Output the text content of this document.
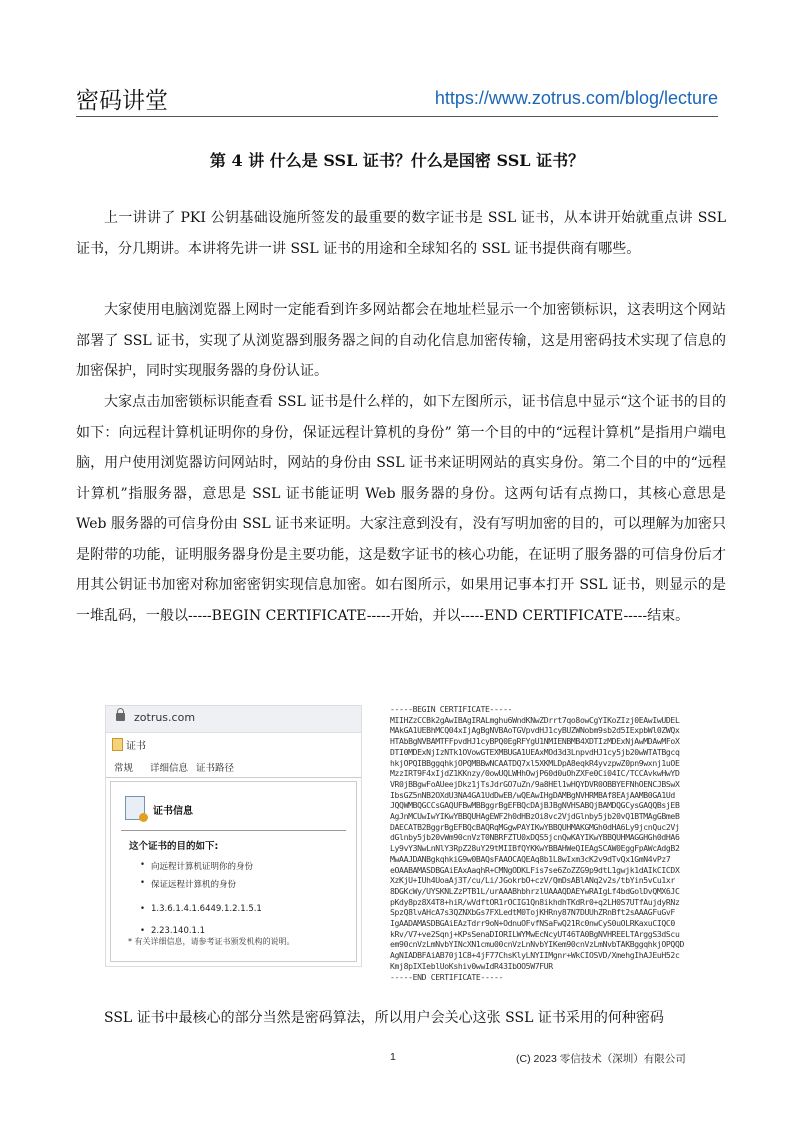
密码讲堂	https://www.zotrus.com/blog/lecture
第 4 讲 什么是 SSL 证书？什么是国密 SSL 证书？

上一讲讲了 PKI 公钥基础设施所签发的最重要的数字证书是 SSL 证书，从本讲开始就重点讲 SSL 证书，分几期讲。本讲将先讲一讲 SSL 证书的用途和全球知名的 SSL 证书提供商有哪些。

大家使用电脑浏览器上网时一定能看到许多网站都会在地址栏显示一个加密锁标识，这表明这个网站部署了 SSL 证书，实现了从浏览器到服务器之间的自动化信息加密传输，这是用密码技术实现了信息的加密保护，同时实现服务器的身份认证。

大家点击加密锁标识能查看 SSL 证书是什么样的，如下左图所示，证书信息中显示“这个证书的目的如下：向远程计算机证明你的身份，保证远程计算机的身份” 第一个目的中的“远程计算机”是指用户端电脑，用户使用浏览器访问网站时，网站的身份由 SSL 证书来证明网站的真实身份。第二个目的中的“远程计算机”指服务器，意思是 SSL 证书能证明 Web 服务器的身份。这两句话有点拗口，其核心意思是 Web 服务器的可信身份由 SSL 证书来证明。大家注意到没有，没有写明加密的目的，可以理解为加密只是附带的功能，证明服务器身份是主要功能，这是数字证书的核心功能，在证明了服务器的可信身份后才用其公钥证书加密对称加密密钥实现信息加密。如右图所示，如果用记事本打开 SSL 证书，则显示的是一堆乱码，一般以-----BEGIN CERTIFICATE-----开始，并以-----END CERTIFICATE-----结束。

zotrus.com
证书
常规 详细信息 证书路径
证书信息
这个证书的目的如下:
• 向远程计算机证明你的身份
• 保证远程计算机的身份
• 1.3.6.1.4.1.6449.1.2.1.5.1
• 2.23.140.1.1
* 有关详细信息，请参考证书颁发机构的说明。
-----BEGIN CERTIFICATE-----
MIIHZzCCBk2gAwIBAgIRALmghu6WndKNwZDrrt7qo8owCgYIKoZIzj0EAwIwUDEL
MAkGA1UEBhMCQ04xIjAgBgNVBAoTGVpvdHJ1cyBUZWNobm9sb2d5IExpbWl0ZWQx
HTAbBgNVBAMTFFpvdHJ1cyBPQ0EgRFYgU1NMIENBMB4XDTIzMDExNjAwMDAwMFoX
DTI0MDExNjIzNTk1OVowGTEXMBUGA1UEAxMOd3d3LnpvdHJ1cy5jb20wWTATBgcq
hkjOPQIBBggqhkjOPQMBBwNCAATDQ7xl5XKMLDpA8eqkR4yvzpwZ0pn9wxnj1uOE
MzzIRT9F4xIjdZ1KKnzy/0owUQLWHhOwjP60d0uOhZXFe0Ci04IC/TCCAvkwHwYD
VR0jBBgwFoAUeejDkz1jTsJdrGO7uZn/9a8HEl1wHQYDVR0OBBYEFNhOENCJBSwX
IbsGZ5nNB2OXdU3NA4GA1UdDwEB/wQEAwIHgDAMBgNVHRMBAf8EAjAAMB0GA1Ud
JQQWMBQGCCsGAQUFBwMBBggrBgEFBQcDAjBJBgNVHSABQjBAMDQGCysGAQQBsjEB
AgJnMCUwIwYIKwYBBQUHAgEWF2h0dHBzOi8vc2VjdGlnby5jb20vQ1BTMAgGBmeB
DAECATB2BggrBgEFBQcBAQRqMGgwPAYIKwYBBQUHMAKGMGh0dHA6Ly9jcnQuc2Vj
dGlnby5jb20vWm90cnVzT0NBRFZTU0xDQS5jcnQwKAYIKwYBBQUHMAGGHGh0dHA6
Ly9vY3NwLnNlY3RpZ28uY29tMIIBfQYKKwYBBAHWeQIEAgSCAW0EggFpAWcAdgB2
MwAAJDANBgkqhkiG9w0BAQsFAAOCAQEAq8b1L8wIxm3cK2v9dTvQx1GmN4vPz7
eOAABAMASDBGAiEAxAaqhR+CMNgODKLFis7se6ZoZZG9p9dtL1gwjk1dAIkCICDX
XzKjU+IUh4UoaAj3T/cu/Li/JGokrbO+czV/QmDsABlANq2v2s/tbYin5vCu1xr
8DGKcWy/UYSKNLZzPTB1L/urAAABhbhrzlUAAAQDAEYwRAIgLf4bdGolDvQMX6JC
pKdy8pz8X4T8+hiR/wVdftOR1rOCIG1Qn8ikhdhTKdRr0+q2LH0S7UTfAujdyRNz
SpzQ8lvAHcA7s3QZNXbGs7FXLedtM0TojKHRny87N7DUUhZRnBft2sAAAGFuGvF
IgAADAMASDBGAiEAzTdrr9oN+OdnuOFvfNSaFwQ21Rc0nwCyS0uOLRKaxuCIQC0
kRv/V7+ve2Sqnj+KPsSenaDIORILWYMwEcNcyUT46TA0BgNVHREELTArggS3dScu
em90cnVzLmNvbYINcXN1cmu00cnVzLnNvbYIKem90cnVzLmNvbTAKBggqhkjOPQQD
AgNIADBFAiAB70j1C8+4jF77ChsKlyLNYIIMgnr+WkCIOSVD/XmehgIhAJEuH52c
Kmj8pIXIeblUoKshiv0wwIdR43IbOO5W7FUR
-----END CERTIFICATE-----

SSL 证书中最核心的部分当然是密码算法，所以用户会关心这张 SSL 证书采用的何种密码

1	(C) 2023 零信技术（深圳）有限公司
